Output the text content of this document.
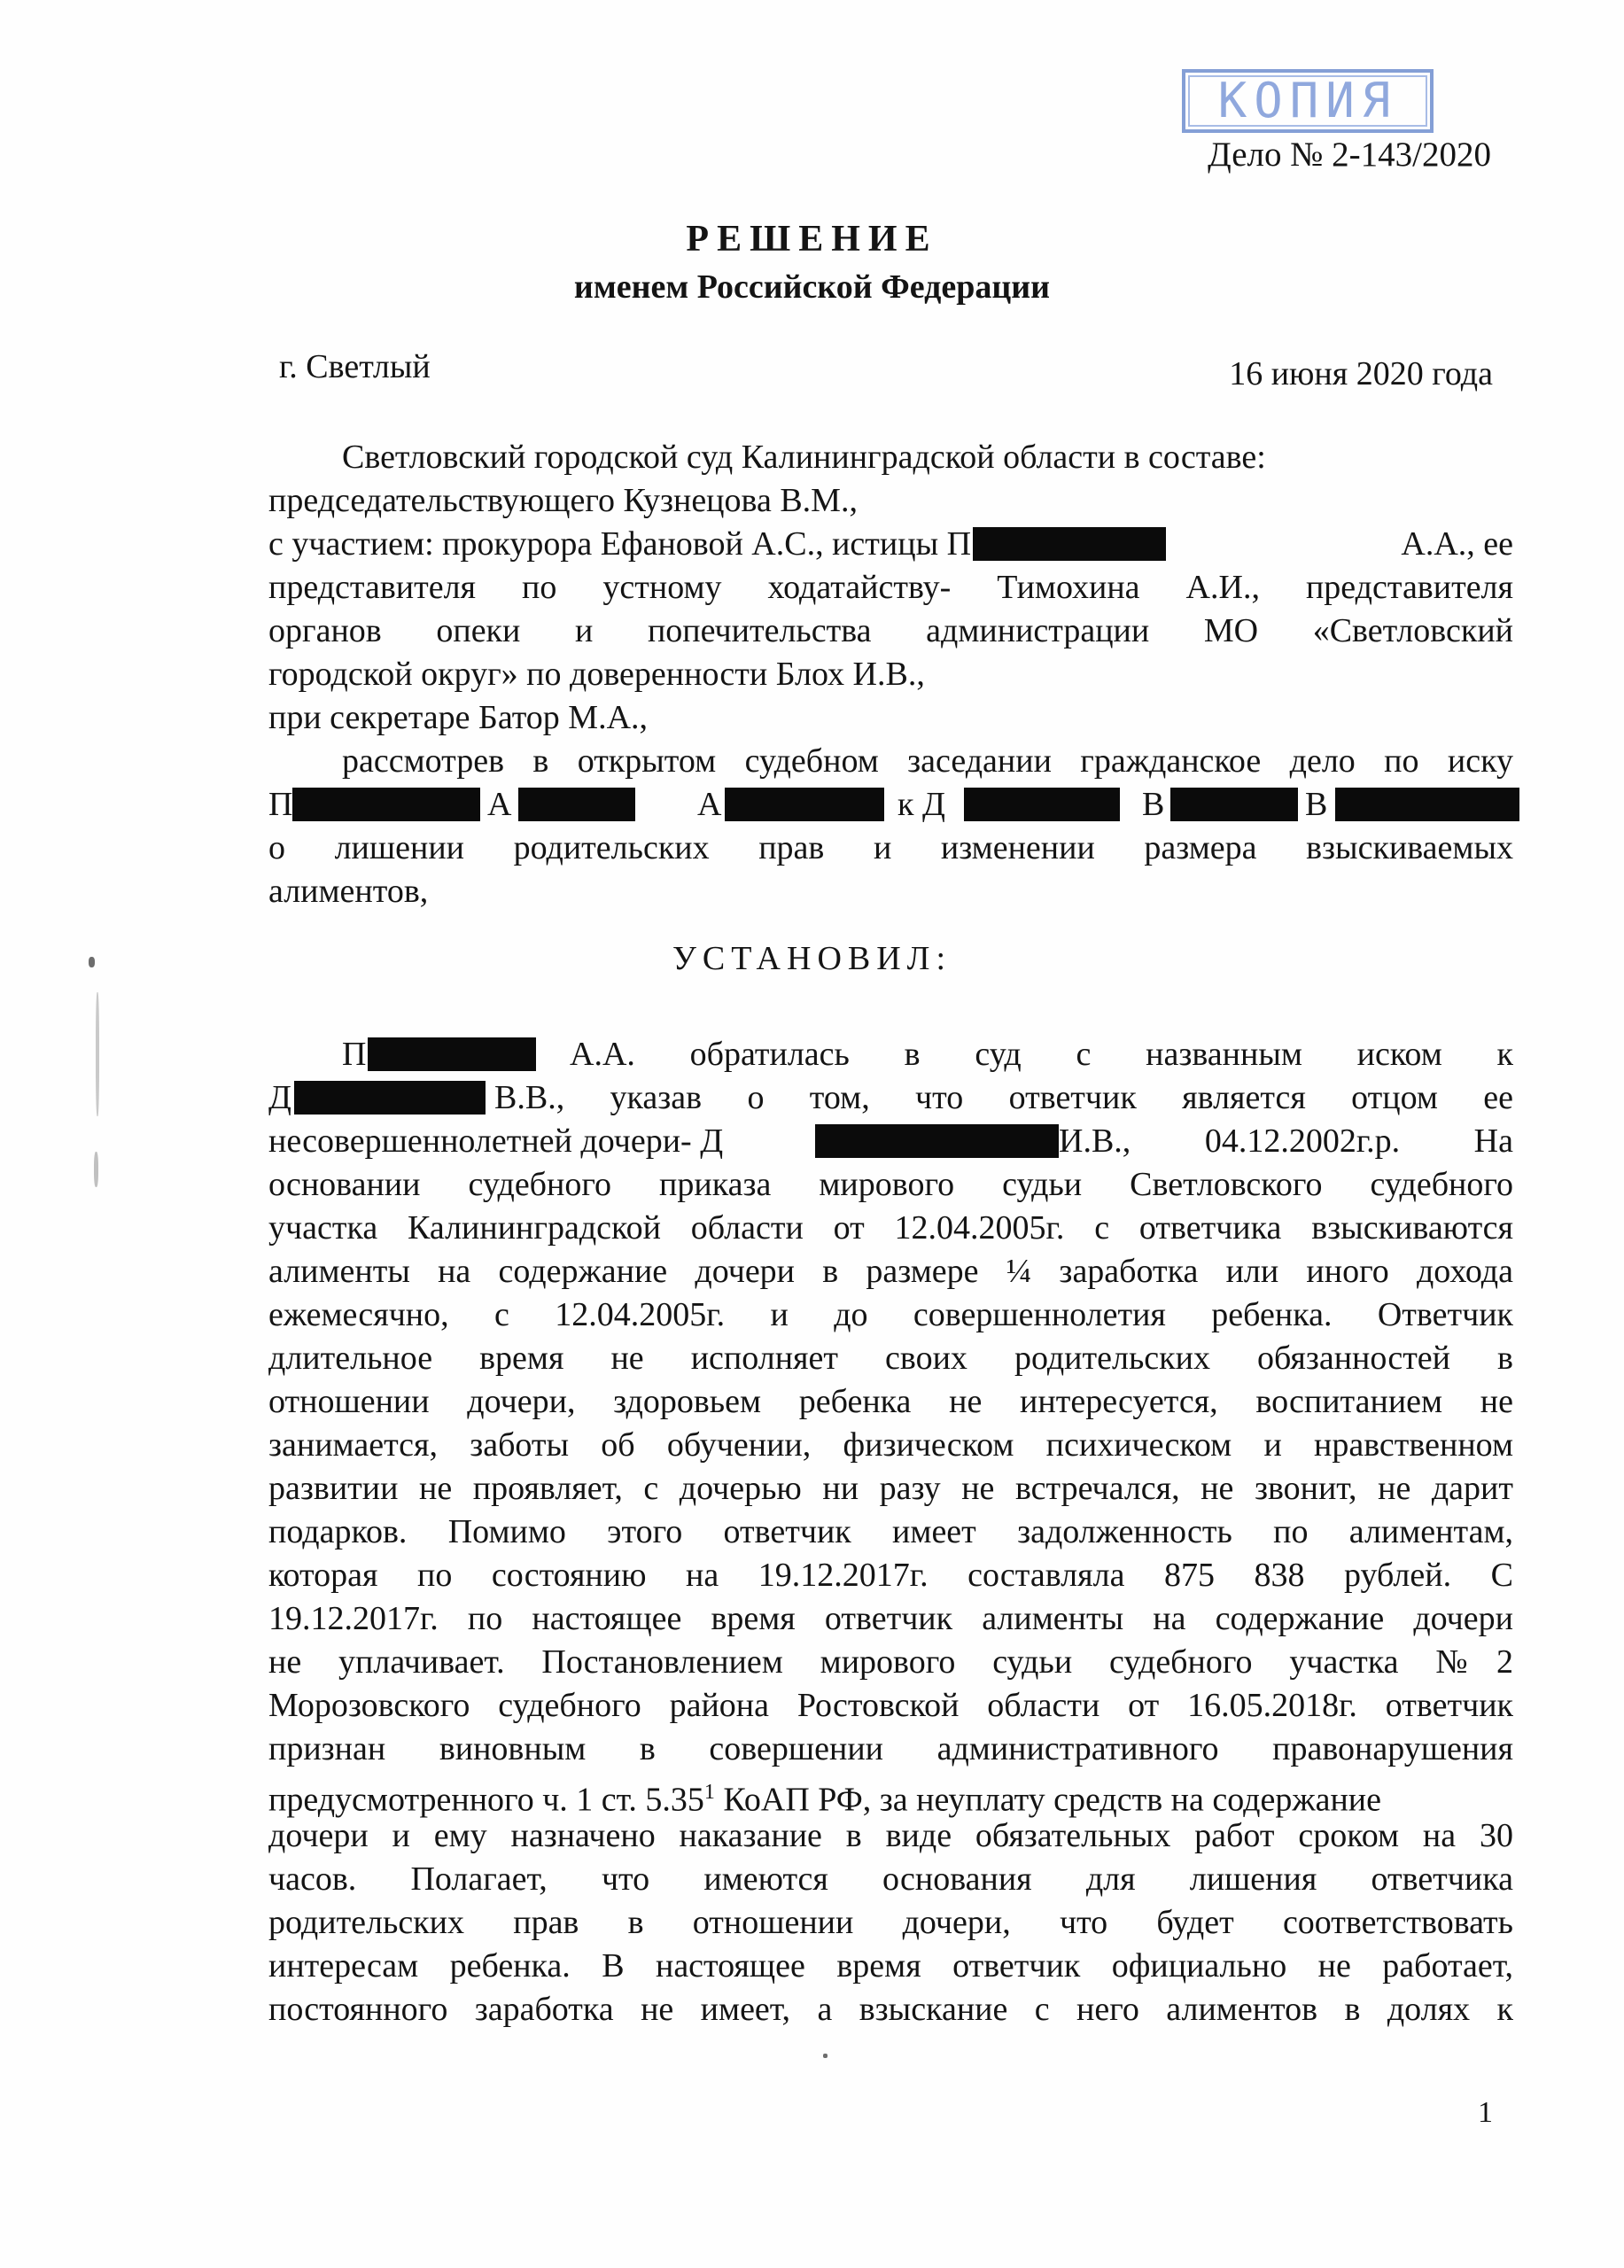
КОПИЯ
Дело № 2-143/2020
РЕШЕНИЕ
именем Российской Федерации
г. Светлый	16 июня 2020 года
Светловский городской суд Калининградской области в составе:
председательствующего Кузнецова В.М.,
с участием: прокурора Ефановой А.С., истицы П	А.А., ее
представителя по устному ходатайству- Тимохина А.И., представителя
органов опеки и попечительства администрации МО «Светловский
городской округ» по доверенности Блох И.В.,
при секретаре Батор М.А.,
рассмотрев в открытом судебном заседании гражданское дело по иску
П	А	А	к Д	В	В
о лишении родительских прав и изменении размера взыскиваемых
алиментов,
УСТАНОВИЛ:
П	А.А. обратилась в суд с названным иском к
Д	В.В., указав о том, что ответчик является отцом ее
несовершеннолетней дочери- Д	И.В., 04.12.2002г.р. На
основании судебного приказа мирового судьи Светловского судебного
участка Калининградской области от 12.04.2005г. с ответчика взыскиваются
алименты на содержание дочери в размере ¼ заработка или иного дохода
ежемесячно, с 12.04.2005г. и до совершеннолетия ребенка. Ответчик
длительное время не исполняет своих родительских обязанностей в
отношении дочери, здоровьем ребенка не интересуется, воспитанием не
занимается, заботы об обучении, физическом психическом и нравственном
развитии не проявляет, с дочерью ни разу не встречался, не звонит, не дарит
подарков. Помимо этого ответчик имеет задолженность по алиментам,
которая по состоянию на 19.12.2017г. составляла 875 838 рублей. С
19.12.2017г. по настоящее время ответчик алименты на содержание дочери
не уплачивает. Постановлением мирового судьи судебного участка №2
Морозовского судебного района Ростовской области от 16.05.2018г. ответчик
признан виновным в совершении административного правонарушения
предусмотренного ч. 1 ст. 5.35$^1$ КоАП РФ, за неуплату средств на содержание
дочери и ему назначено наказание в виде обязательных работ сроком на 30
часов. Полагает, что имеются основания для лишения ответчика
родительских прав в отношении дочери, что будет соответствовать
интересам ребенка. В настоящее время ответчик официально не работает,
постоянного заработка не имеет, а взыскание с него алиментов в долях к
1
